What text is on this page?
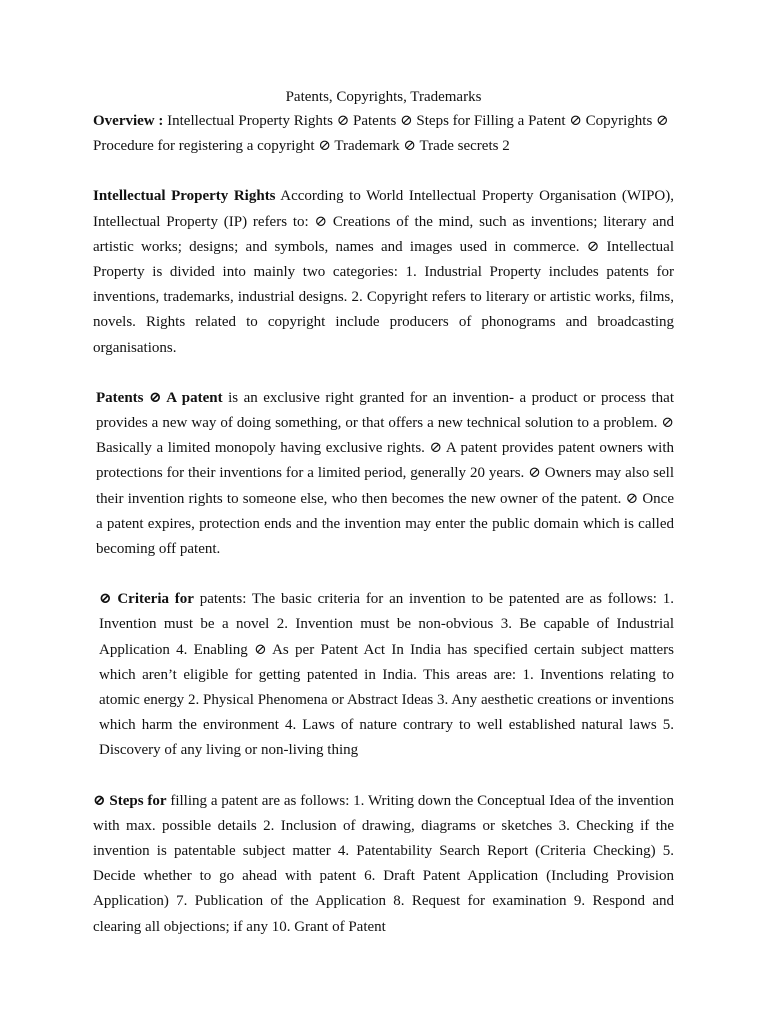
Patents, Copyrights, Trademarks

Overview : Intellectual Property Rights ⊘ Patents ⊘ Steps for Filling a Patent ⊘ Copyrights ⊘ Procedure for registering a copyright ⊘ Trademark ⊘ Trade secrets 2

Intellectual Property Rights According to World Intellectual Property Organisation (WIPO), Intellectual Property (IP) refers to: ⊘ Creations of the mind, such as inventions; literary and artistic works; designs; and symbols, names and images used in commerce. ⊘ Intellectual Property is divided into mainly two categories: 1. Industrial Property includes patents for inventions, trademarks, industrial designs. 2. Copyright refers to literary or artistic works, films, novels. Rights related to copyright include producers of phonograms and broadcasting organisations.

Patents ⊘ A patent is an exclusive right granted for an invention- a product or process that provides a new way of doing something, or that offers a new technical solution to a problem. ⊘ Basically a limited monopoly having exclusive rights. ⊘ A patent provides patent owners with protections for their inventions for a limited period, generally 20 years. ⊘ Owners may also sell their invention rights to someone else, who then becomes the new owner of the patent. ⊘ Once a patent expires, protection ends and the invention may enter the public domain which is called becoming off patent.

⊘ Criteria for patents: The basic criteria for an invention to be patented are as follows: 1. Invention must be a novel 2. Invention must be non-obvious 3. Be capable of Industrial Application 4. Enabling ⊘ As per Patent Act In India has specified certain subject matters which aren’t eligible for getting patented in India. This areas are: 1. Inventions relating to atomic energy 2. Physical Phenomena or Abstract Ideas 3. Any aesthetic creations or inventions which harm the environment 4. Laws of nature contrary to well established natural laws 5. Discovery of any living or non-living thing

⊘ Steps for filling a patent are as follows: 1. Writing down the Conceptual Idea of the invention with max. possible details 2. Inclusion of drawing, diagrams or sketches 3. Checking if the invention is patentable subject matter 4. Patentability Search Report (Criteria Checking) 5. Decide whether to go ahead with patent 6. Draft Patent Application (Including Provision Application) 7. Publication of the Application 8. Request for examination 9. Respond and clearing all objections; if any 10. Grant of Patent
